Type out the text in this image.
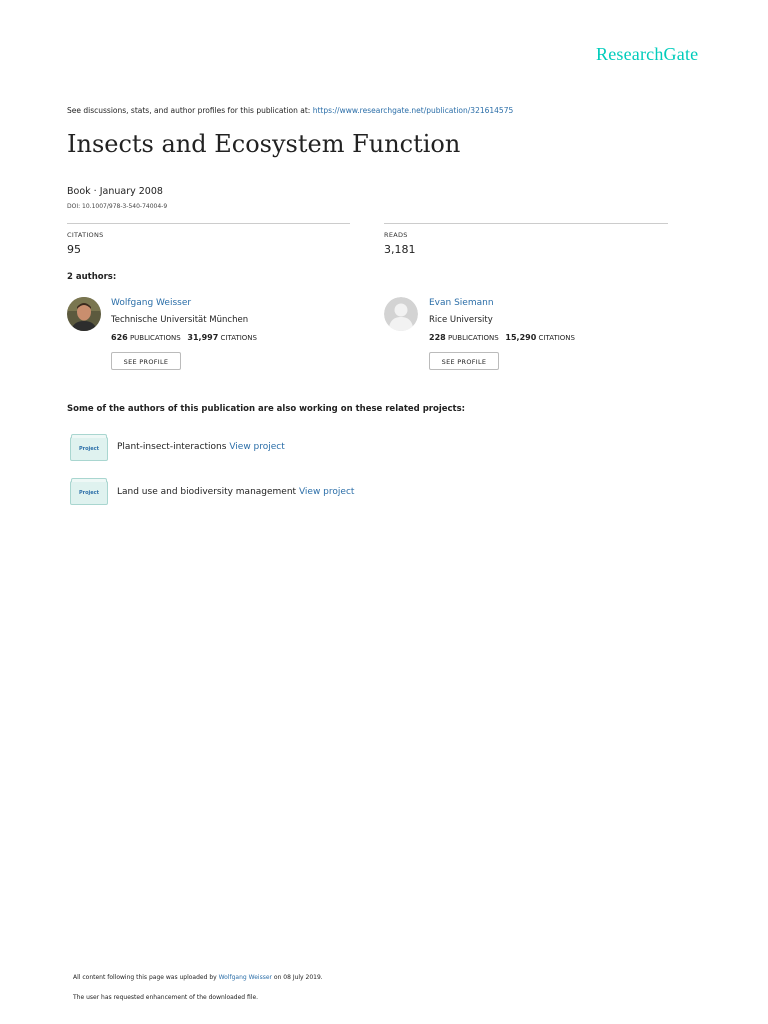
ResearchGate
See discussions, stats, and author profiles for this publication at: https://www.researchgate.net/publication/321614575
Insects and Ecosystem Function
Book · January 2008
DOI: 10.1007/978-3-540-74004-9
CITATIONS
95
READS
3,181
2 authors:
Wolfgang Weisser
Technische Universität München
626 PUBLICATIONS 31,997 CITATIONS
SEE PROFILE
Evan Siemann
Rice University
228 PUBLICATIONS 15,290 CITATIONS
SEE PROFILE
Some of the authors of this publication are also working on these related projects:
Project	Plant-insect-interactions View project
Project	Land use and biodiversity management View project
All content following this page was uploaded by Wolfgang Weisser on 08 July 2019.
The user has requested enhancement of the downloaded file.
